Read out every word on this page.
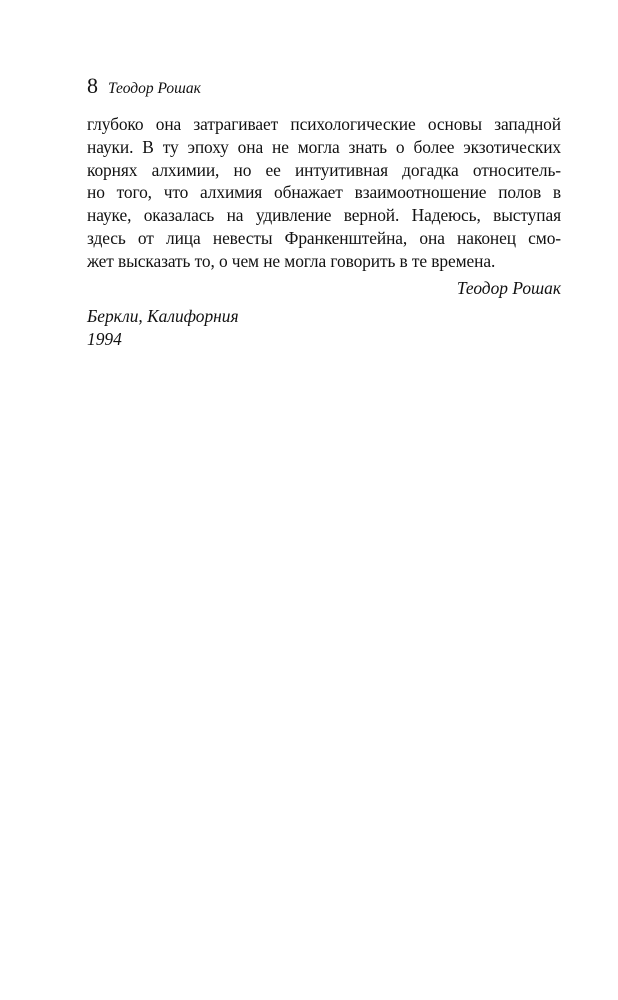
8 Теодор Рошак
глубоко она затрагивает психологические основы западной
науки. В ту эпоху она не могла знать о более экзотических
корнях алхимии, но ее интуитивная догадка относитель-
но того, что алхимия обнажает взаимоотношение полов в
науке, оказалась на удивление верной. Надеюсь, выступая
здесь от лица невесты Франкенштейна, она наконец смо-
жет высказать то, о чем не могла говорить в те времена.
Теодор Рошак
Беркли, Калифорния
1994
